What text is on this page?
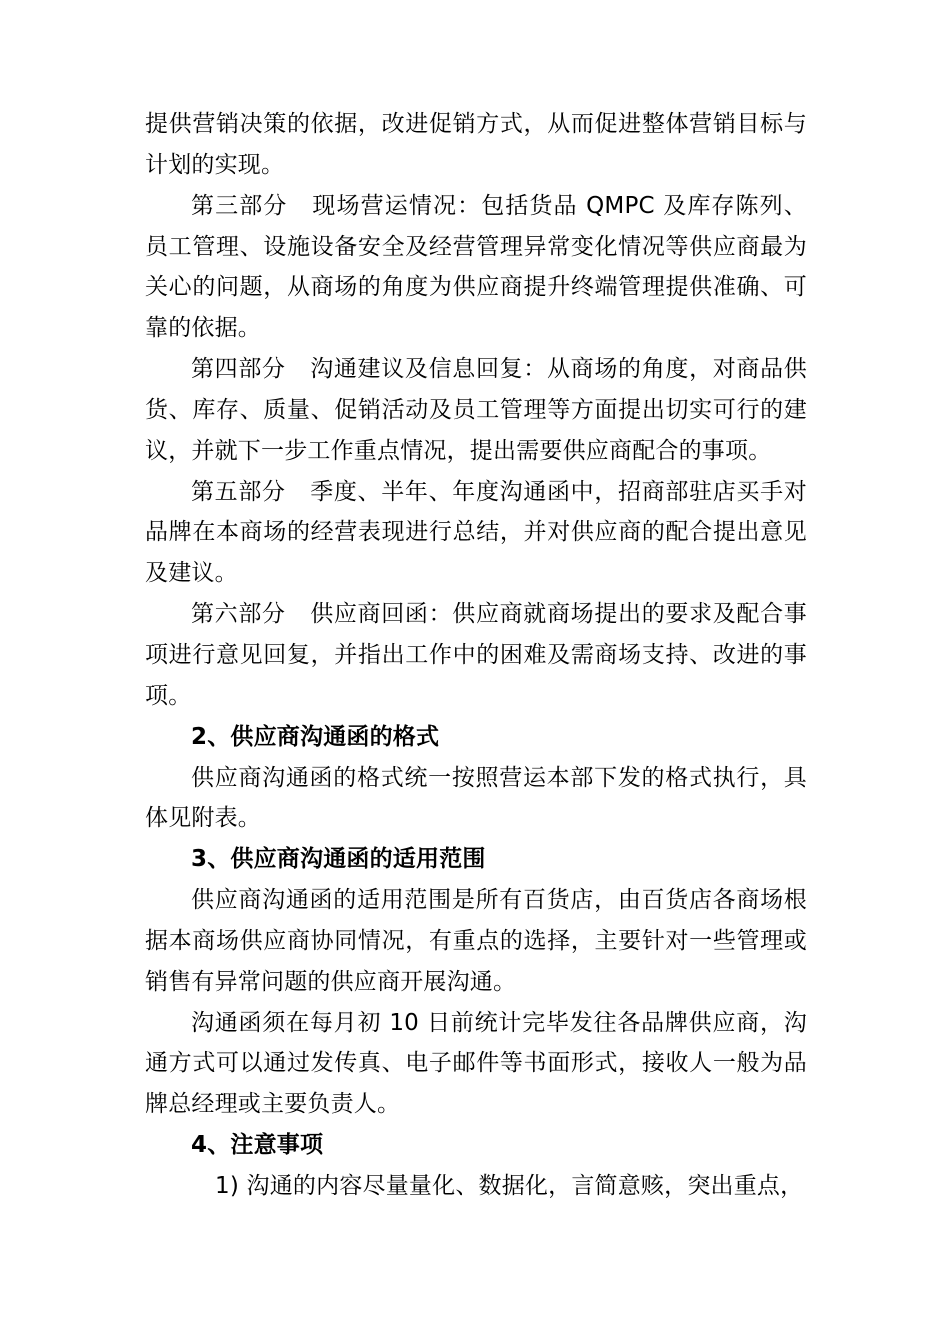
提供营销决策的依据，改进促销方式，从而促进整体营销目标与计划的实现。

第三部分 现场营运情况：包括货品 QMPC 及库存陈列、员工管理、设施设备安全及经营管理异常变化情况等供应商最为关心的问题，从商场的角度为供应商提升终端管理提供准确、可靠的依据。

第四部分 沟通建议及信息回复：从商场的角度，对商品供货、库存、质量、促销活动及员工管理等方面提出切实可行的建议，并就下一步工作重点情况，提出需要供应商配合的事项。

第五部分 季度、半年、年度沟通函中，招商部驻店买手对品牌在本商场的经营表现进行总结，并对供应商的配合提出意见及建议。

第六部分 供应商回函：供应商就商场提出的要求及配合事项进行意见回复，并指出工作中的困难及需商场支持、改进的事项。

2、供应商沟通函的格式

供应商沟通函的格式统一按照营运本部下发的格式执行，具体见附表。

3、供应商沟通函的适用范围

供应商沟通函的适用范围是所有百货店，由百货店各商场根据本商场供应商协同情况，有重点的选择，主要针对一些管理或销售有异常问题的供应商开展沟通。

沟通函须在每月初 10 日前统计完毕发往各品牌供应商，沟通方式可以通过发传真、电子邮件等书面形式，接收人一般为品牌总经理或主要负责人。

4、注意事项

1) 沟通的内容尽量量化、数据化，言简意赅，突出重点，
